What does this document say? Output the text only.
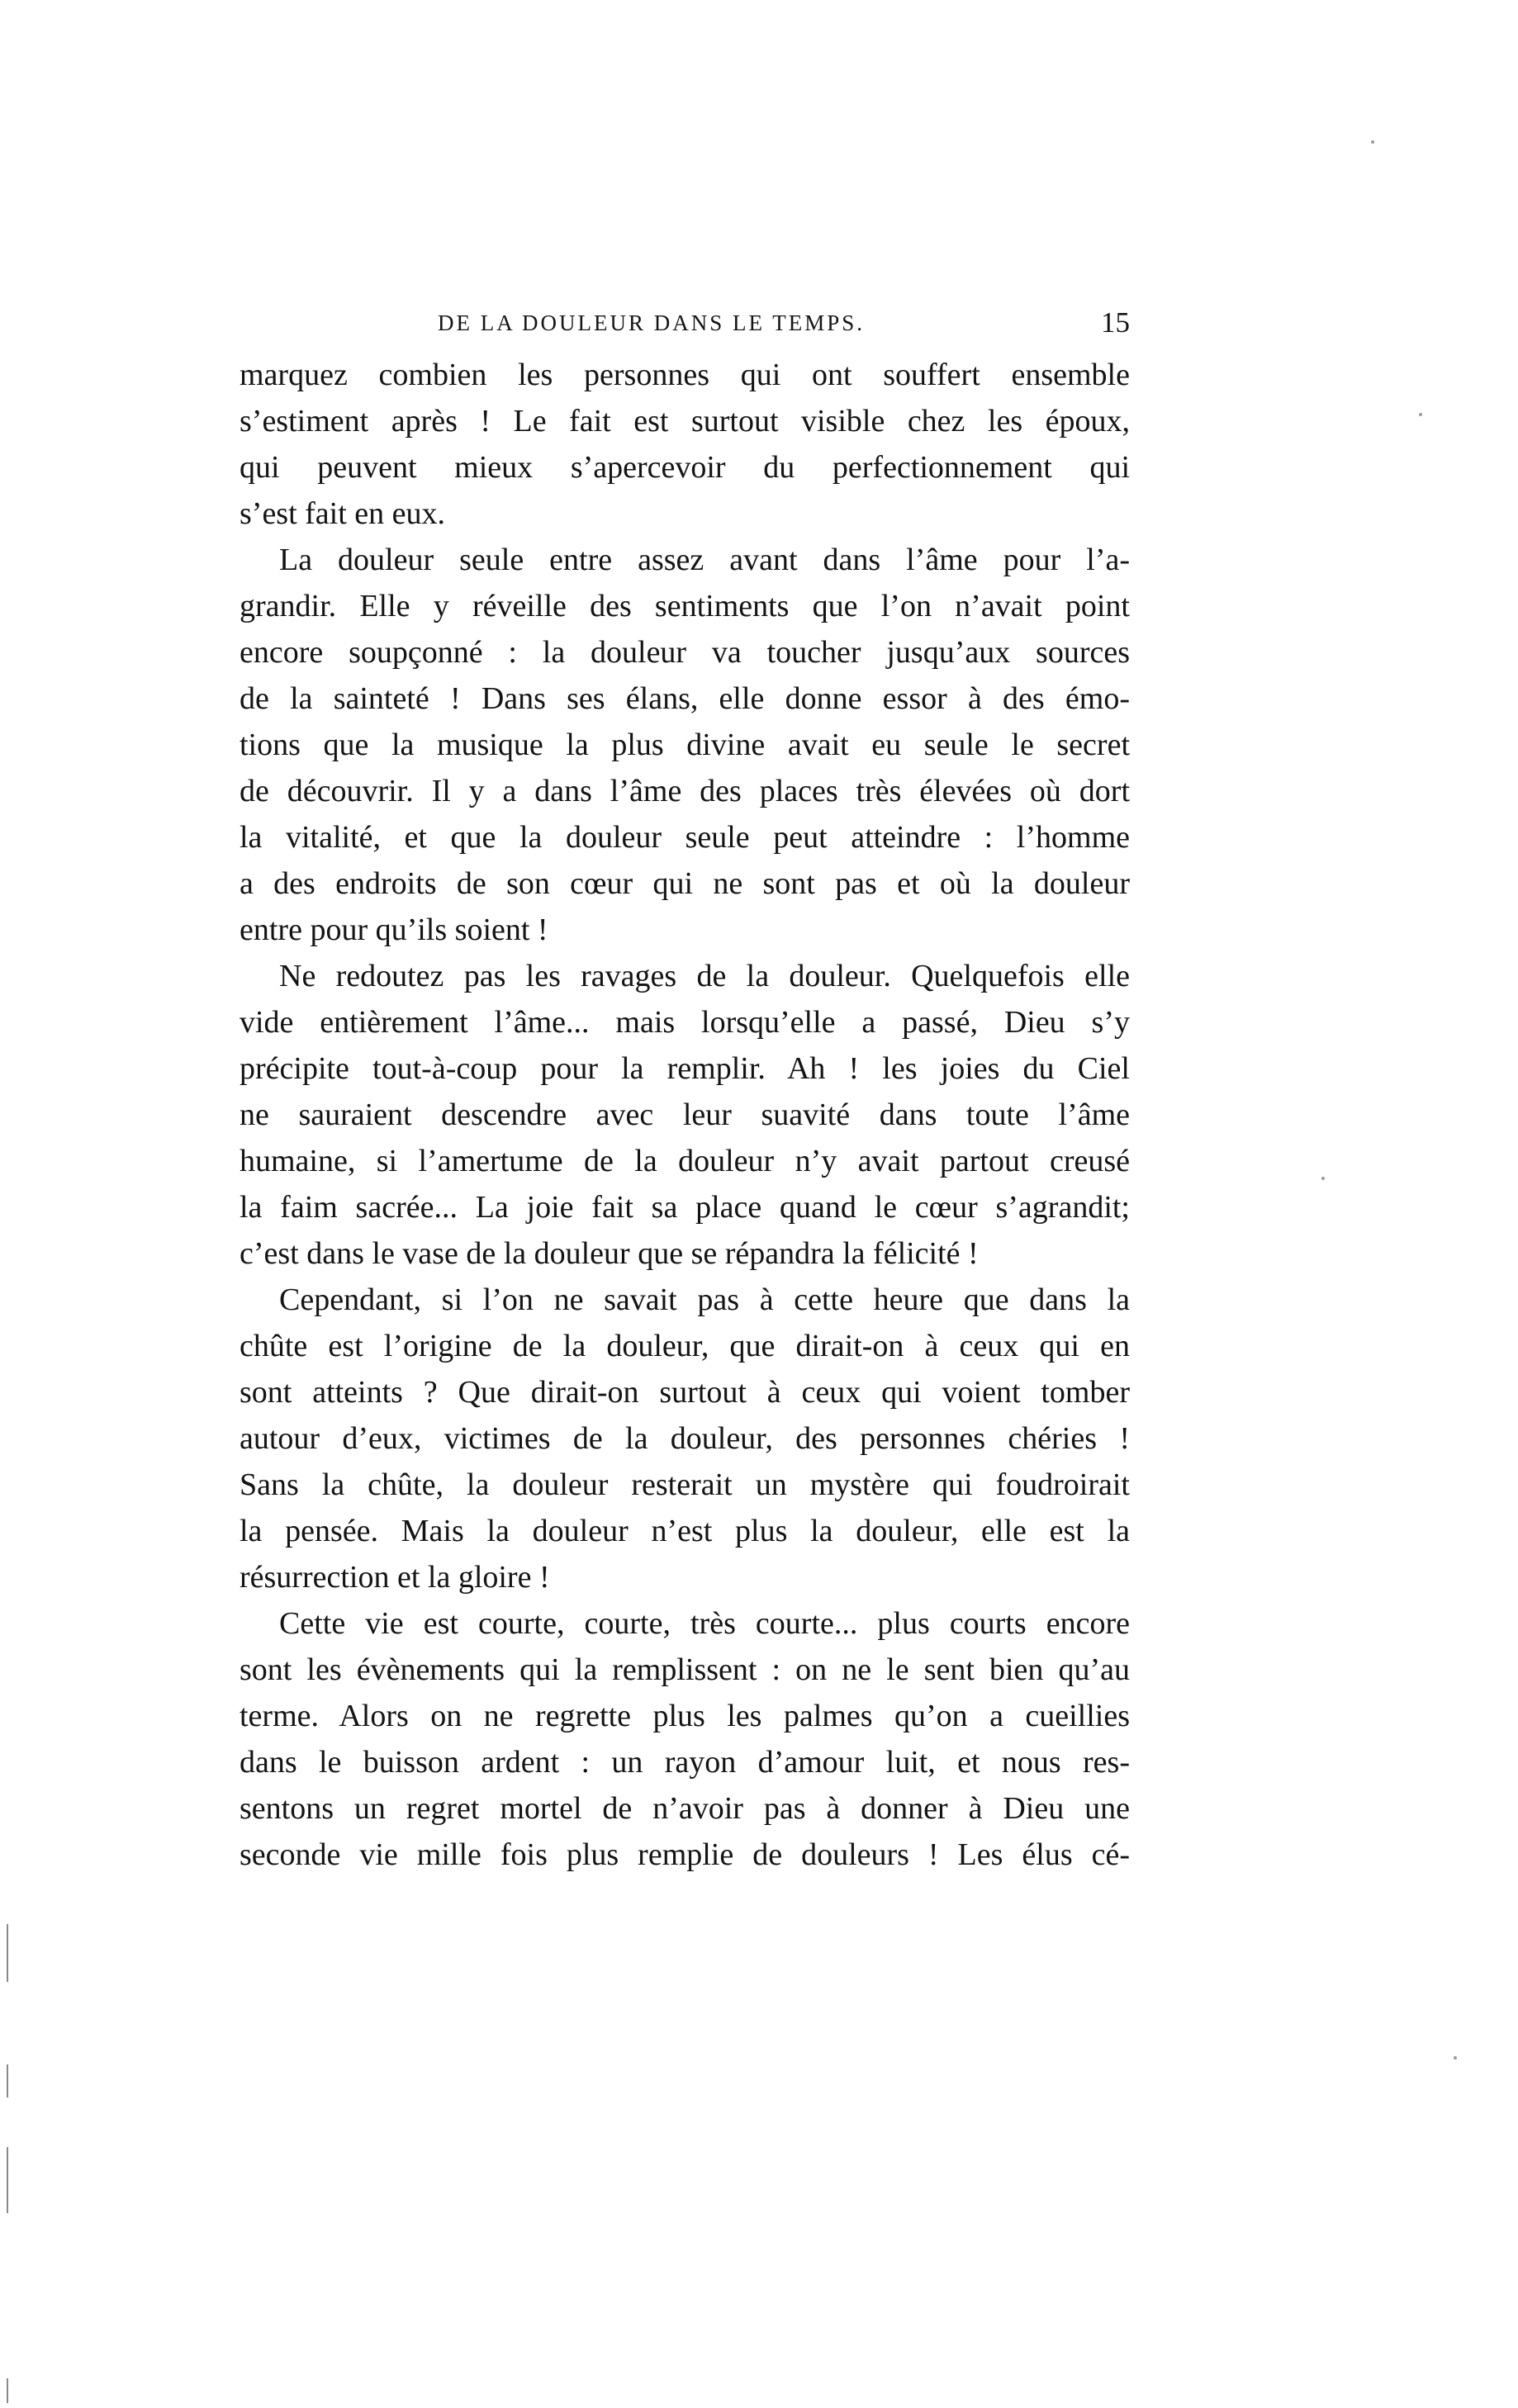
DE LA DOULEUR DANS LE TEMPS.	15
marquez combien les personnes qui ont souffert ensemble
s’estiment après ! Le fait est surtout visible chez les époux,
qui peuvent mieux s’apercevoir du perfectionnement qui
s’est fait en eux.
La douleur seule entre assez avant dans l’âme pour l’a-
grandir. Elle y réveille des sentiments que l’on n’avait point
encore soupçonné : la douleur va toucher jusqu’aux sources
de la sainteté ! Dans ses élans, elle donne essor à des émo-
tions que la musique la plus divine avait eu seule le secret
de découvrir. Il y a dans l’âme des places très élevées où dort
la vitalité, et que la douleur seule peut atteindre : l’homme
a des endroits de son cœur qui ne sont pas et où la douleur
entre pour qu’ils soient !
Ne redoutez pas les ravages de la douleur. Quelquefois elle
vide entièrement l’âme... mais lorsqu’elle a passé, Dieu s’y
précipite tout-à-coup pour la remplir. Ah ! les joies du Ciel
ne sauraient descendre avec leur suavité dans toute l’âme
humaine, si l’amertume de la douleur n’y avait partout creusé
la faim sacrée... La joie fait sa place quand le cœur s’agrandit;
c’est dans le vase de la douleur que se répandra la félicité !
Cependant, si l’on ne savait pas à cette heure que dans la
chûte est l’origine de la douleur, que dirait-on à ceux qui en
sont atteints ? Que dirait-on surtout à ceux qui voient tomber
autour d’eux, victimes de la douleur, des personnes chéries !
Sans la chûte, la douleur resterait un mystère qui foudroirait
la pensée. Mais la douleur n’est plus la douleur, elle est la
résurrection et la gloire !
Cette vie est courte, courte, très courte... plus courts encore
sont les évènements qui la remplissent : on ne le sent bien qu’au
terme. Alors on ne regrette plus les palmes qu’on a cueillies
dans le buisson ardent : un rayon d’amour luit, et nous res-
sentons un regret mortel de n’avoir pas à donner à Dieu une
seconde vie mille fois plus remplie de douleurs ! Les élus cé-
